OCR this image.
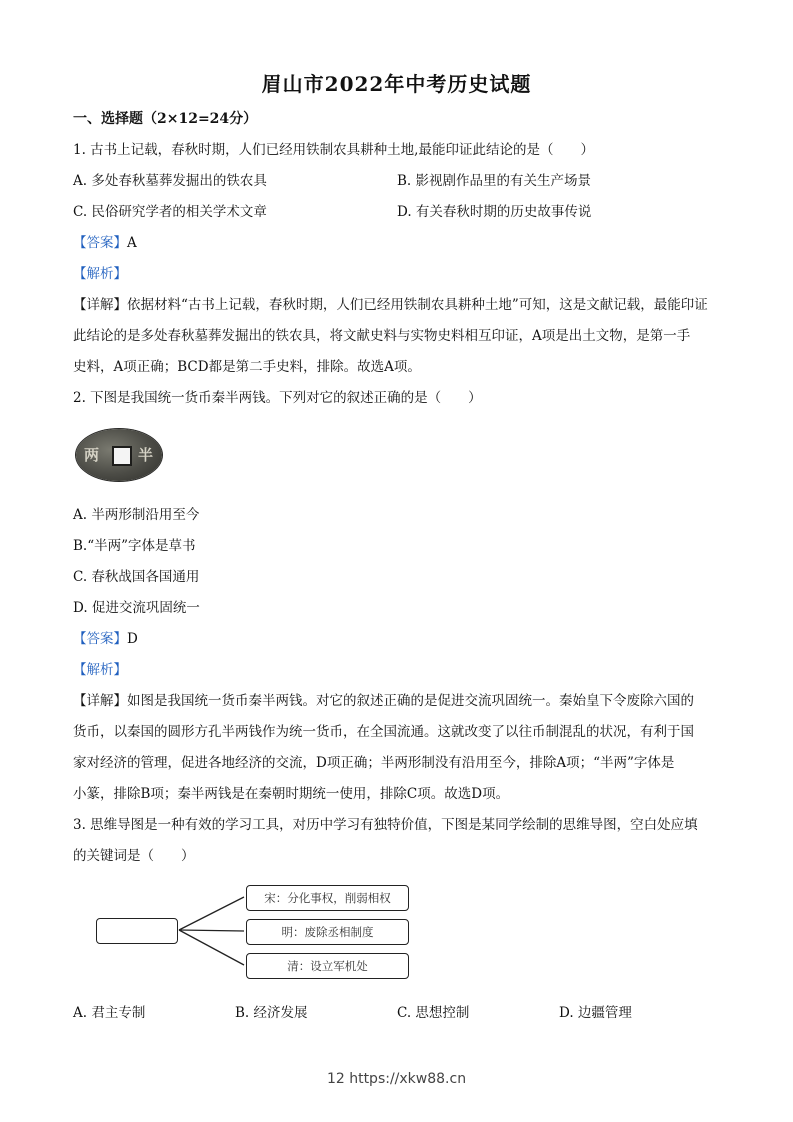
眉山市2022年中考历史试题
一、选择题（2×12=24分）
1. 古书上记载，春秋时期，人们已经用铁制农具耕种土地,最能印证此结论的是（　　）
A. 多处春秋墓葬发掘出的铁农具	B. 影视剧作品里的有关生产场景
C. 民俗研究学者的相关学术文章	D. 有关春秋时期的历史故事传说
【答案】A
【解析】
【详解】依据材料“古书上记载，春秋时期，人们已经用铁制农具耕种土地”可知，这是文献记载，最能印证
此结论的是多处春秋墓葬发掘出的铁农具，将文献史料与实物史料相互印证，A项是出土文物，是第一手
史料，A项正确；BCD都是第二手史料，排除。故选A项。
2. 下图是我国统一货币秦半两钱。下列对它的叙述正确的是（　　）
两	半
A. 半两形制沿用至今
B.“半两”字体是草书
C. 春秋战国各国通用
D. 促进交流巩固统一
【答案】D
【解析】
【详解】如图是我国统一货币秦半两钱。对它的叙述正确的是促进交流巩固统一。秦始皇下令废除六国的
货币，以秦国的圆形方孔半两钱作为统一货币，在全国流通。这就改变了以往币制混乱的状况，有利于国
家对经济的管理，促进各地经济的交流，D项正确；半两形制没有沿用至今，排除A项；“半两”字体是
小篆，排除B项；秦半两钱是在秦朝时期统一使用，排除C项。故选D项。
3. 思维导图是一种有效的学习工具，对历中学习有独特价值，下图是某同学绘制的思维导图，空白处应填
的关键词是（　　）
宋：分化事权，削弱相权
明：废除丞相制度
清：设立军机处
A. 君主专制	B. 经济发展	C. 思想控制	D. 边疆管理
12 https://xkw88.cn
